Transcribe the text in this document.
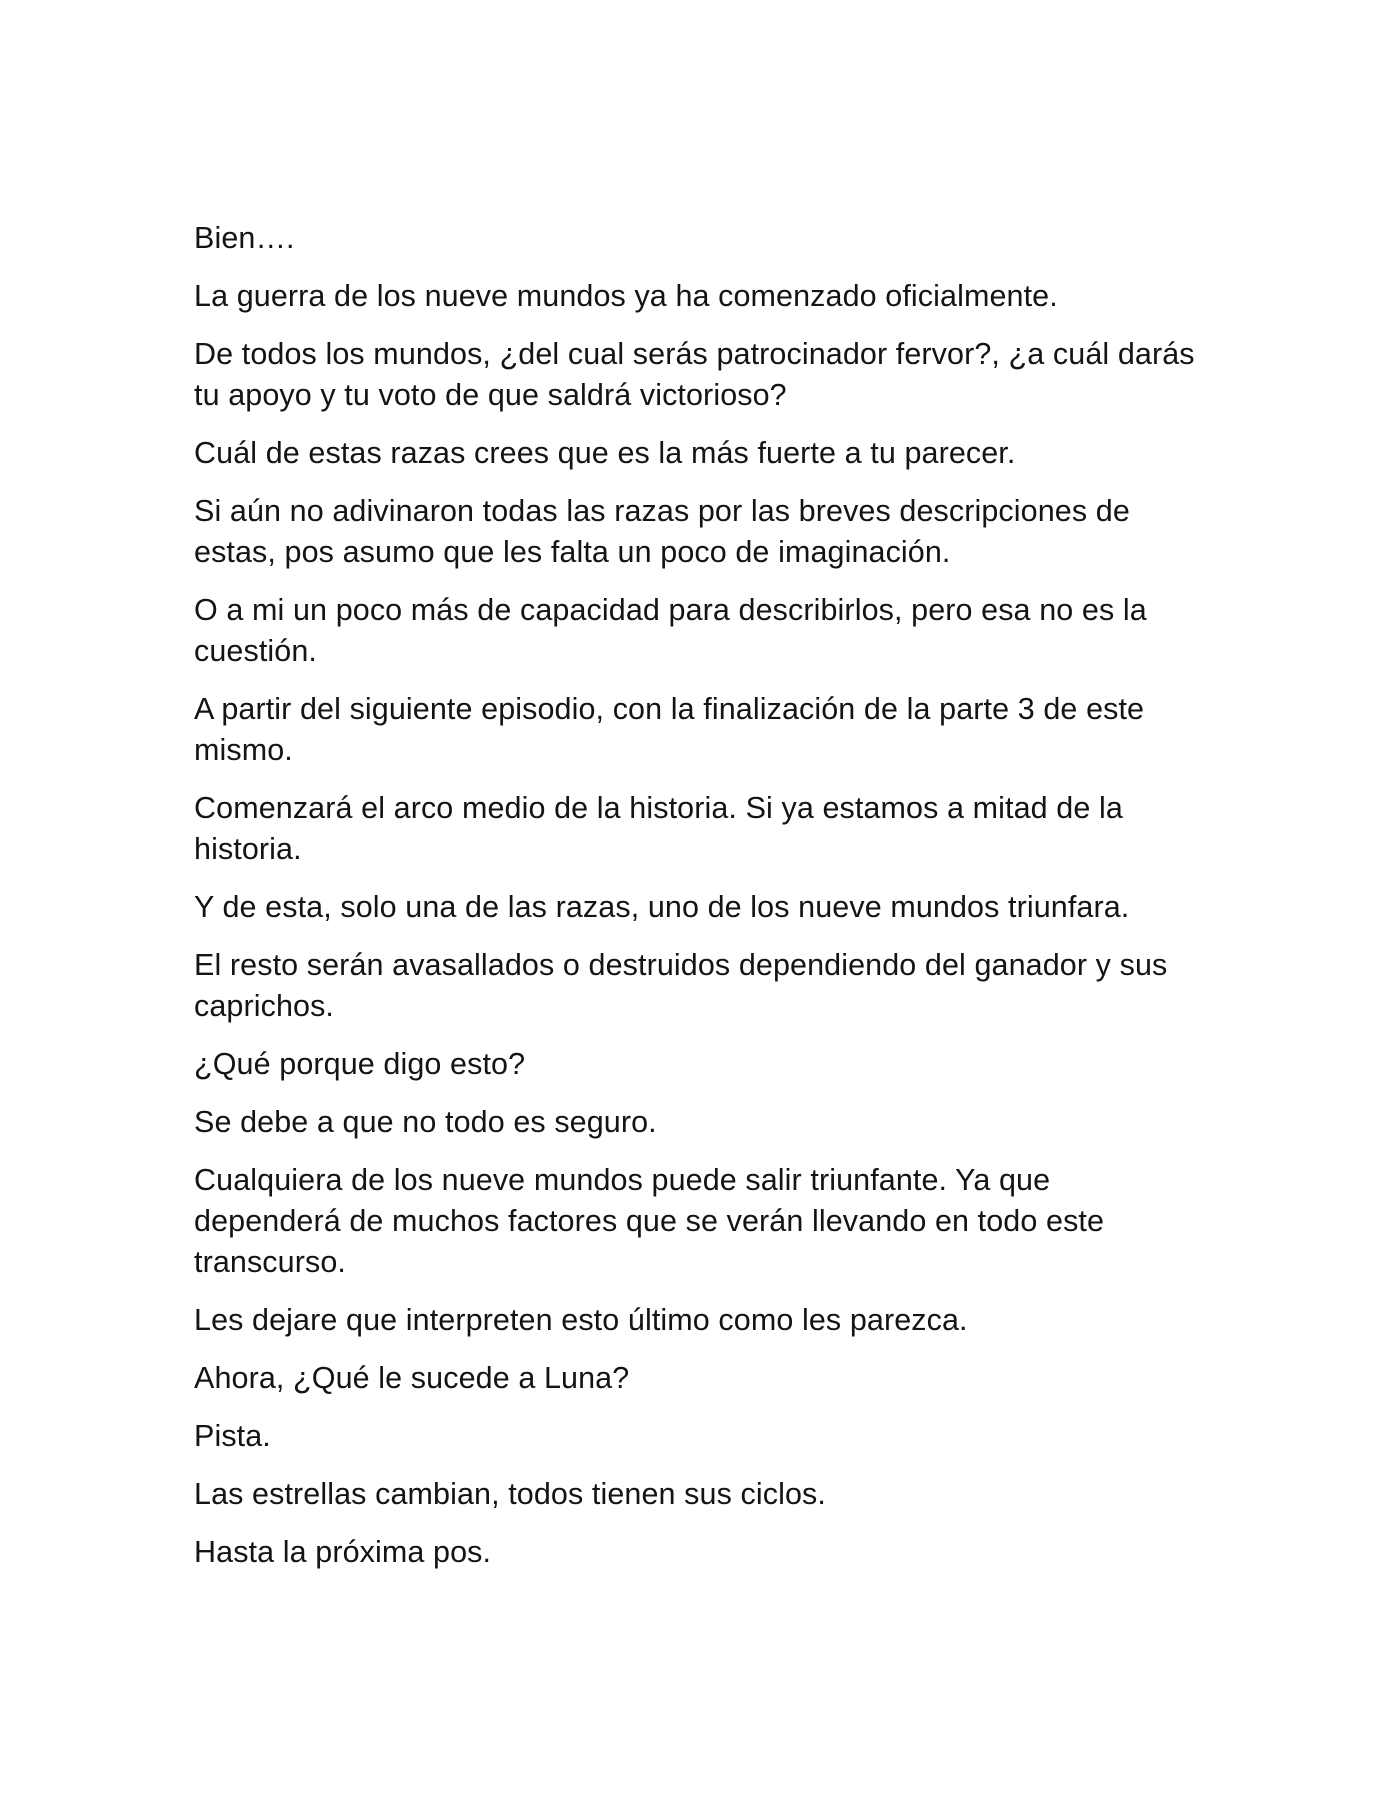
Bien….

La guerra de los nueve mundos ya ha comenzado oficialmente.

De todos los mundos, ¿del cual serás patrocinador fervor?, ¿a cuál darás tu apoyo y tu voto de que saldrá victorioso?

Cuál de estas razas crees que es la más fuerte a tu parecer.

Si aún no adivinaron todas las razas por las breves descripciones de estas, pos asumo que les falta un poco de imaginación.

O a mi un poco más de capacidad para describirlos, pero esa no es la cuestión.

A partir del siguiente episodio, con la finalización de la parte 3 de este mismo.

Comenzará el arco medio de la historia. Si ya estamos a mitad de la historia.

Y de esta, solo una de las razas, uno de los nueve mundos triunfara.

El resto serán avasallados o destruidos dependiendo del ganador y sus caprichos.

¿Qué porque digo esto?

Se debe a que no todo es seguro.

Cualquiera de los nueve mundos puede salir triunfante. Ya que dependerá de muchos factores que se verán llevando en todo este transcurso.

Les dejare que interpreten esto último como les parezca.

Ahora, ¿Qué le sucede a Luna?

Pista.

Las estrellas cambian, todos tienen sus ciclos.

Hasta la próxima pos.
